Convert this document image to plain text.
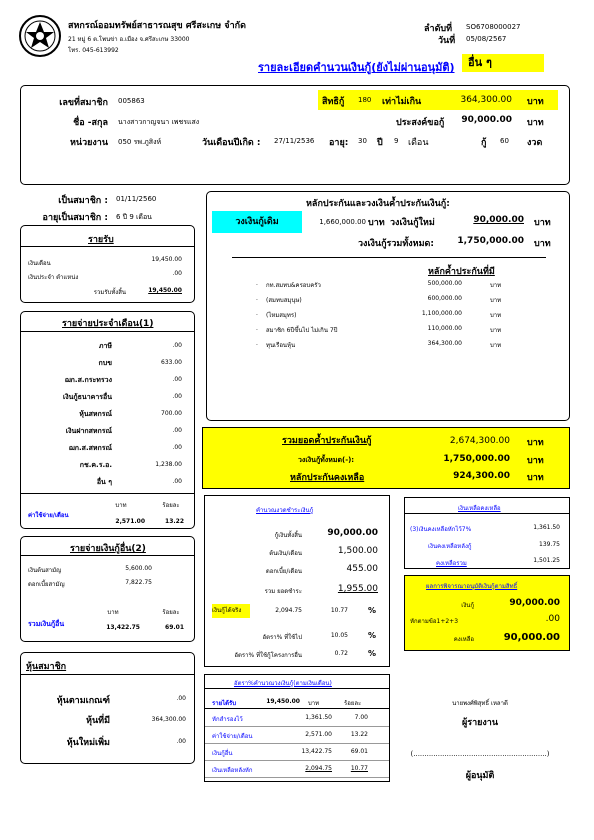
สหกรณ์ออมทรัพย์สาธารณสุข ศรีสะเกษ จำกัด
21 หมู่ 6 ต.โพนข่า อ.เมือง จ.ศรีสะเกษ 33000
โทร. 045-613992
ลำดับที่ SO6708000027
วันที่ 05/08/2567
รายละเอียดคำนวนเงินกู้(ยังไม่ผ่านอนุมัติ)	อื่น ๆ
เลขที่สมาชิก 005863
ชื่อ -สกุล นางสาวกาญจนา เพชรแสง
หน่วยงาน 050 รพ.ภูสิงห์	วันเดือนปีเกิด : 27/11/2536 อายุ: 30 ปี 9 เดือน
สิทธิกู้ 180 เท่าไม่เกิน	364,300.00 บาท
ประสงค์ขอกู้	90,000.00 บาท
กู้ 60 งวด
เป็นสมาชิก : 01/11/2560
อายุเป็นสมาชิก : 6 ปี 9 เดือน
รายรับ
เงินเดือน
19,450.00
เงินประจำ ตำแหน่ง
.00
รวมรับทั้งสิ้น	19,450.00
รายจ่ายประจำเดือน(1)
ภาษี	.00
กบข	633.00
ฌก.ส.กระทรวง	.00
เงินกู้ธนาคารอื่น	.00
หุ้นสหกรณ์	700.00
เงินฝากสหกรณ์	.00
ฌก.ส.สหกรณ์	.00
กช.ค.ร.อ.	1,238.00
อื่น ๆ	.00
บาท	ร้อยละ
ค่าใช้จ่าย/เดือน
2,571.00	13.22
รายจ่ายเงินกู้อื่น(2)
เงินต้นสามัญ	5,600.00
ดอกเบี้ยสามัญ	7,822.75
บาท	ร้อยละ
รวมเงินกู้อื่น	13,422.75	69.01
หุ้นสมาชิก
หุ้นตามเกณฑ์	.00
หุ้นที่มี	364,300.00
หุ้นใหม่เพิ่ม	.00
หลักประกันและวงเงินค้ำประกันเงินกู้:
วงเงินกู้เดิม	1,660,000.00 บาท วงเงินกู้ใหม่	90,000.00 บาท
วงเงินกู้รวมทั้งหมด:	1,750,000.00 บาท
หลักค้ำประกันที่มี
. กท.สมทบ&ครอบครัว	500,000.00	บาท
. (สมทบสมุนุษ)	600,000.00	บาท
. (ไหมสมุทร)	1,100,000.00	บาท
. สมาชิก 6ปีขึ้นไป ไม่เกิน 7ปี	110,000.00	บาท
. ทุนเรือนหุ้น	364,300.00	บาท
รวมยอดค้ำประกันเงินกู้	2,674,300.00 บาท
วงเงินกู้ทั้งหมด(-):	1,750,000.00 บาท
หลักประกันคงเหลือ	924,300.00 บาท
คำนวณงวดชำระเงินกู้
กู้เงินทั้งสิ้น	90,000.00
ต้นเงิน/เดือน	1,500.00
ดอกเบี้ย/เดือน	455.00
รวม ยอดชำระ	1,955.00
เงินกู้ได้จริง	2,094.75	10.77	%
อัตรา% ที่ใช้ไป	10.05	%
อัตรา% ที่ใช้กู้โครงการอื่น	0.72	%
อัตรา%คำนวณวงเงินกู้(ตามเงินเดือน)
รายได้รับ	19,450.00 บาท	ร้อยละ
หักสำรองไว้	1,361.50	7.00
ค่าใช้จ่าย/เดือน	2,571.00	13.22
เงินกู้อื่น	13,422.75	69.01
เงินเหลือหลังหัก	2,094.75	10.77
เงินเหลือคงเหลือ
(3)เงินคงเหลือหักไว้7%	1,361.50
เงินคงเหลือหลังกู้	139.75
คงเหลือรวม	1,501.25
ผลการพิจารณาอนุมัติเงินกู้ตามสิทธิ์
เงินกู้	90,000.00
หักตามข้อ1+2+3	.00
คงเหลือ	90,000.00
นายพงศ์พิสุทธิ์ เหลาดี
ผู้รายงาน
(............................................................)
ผู้อนุมัติ
